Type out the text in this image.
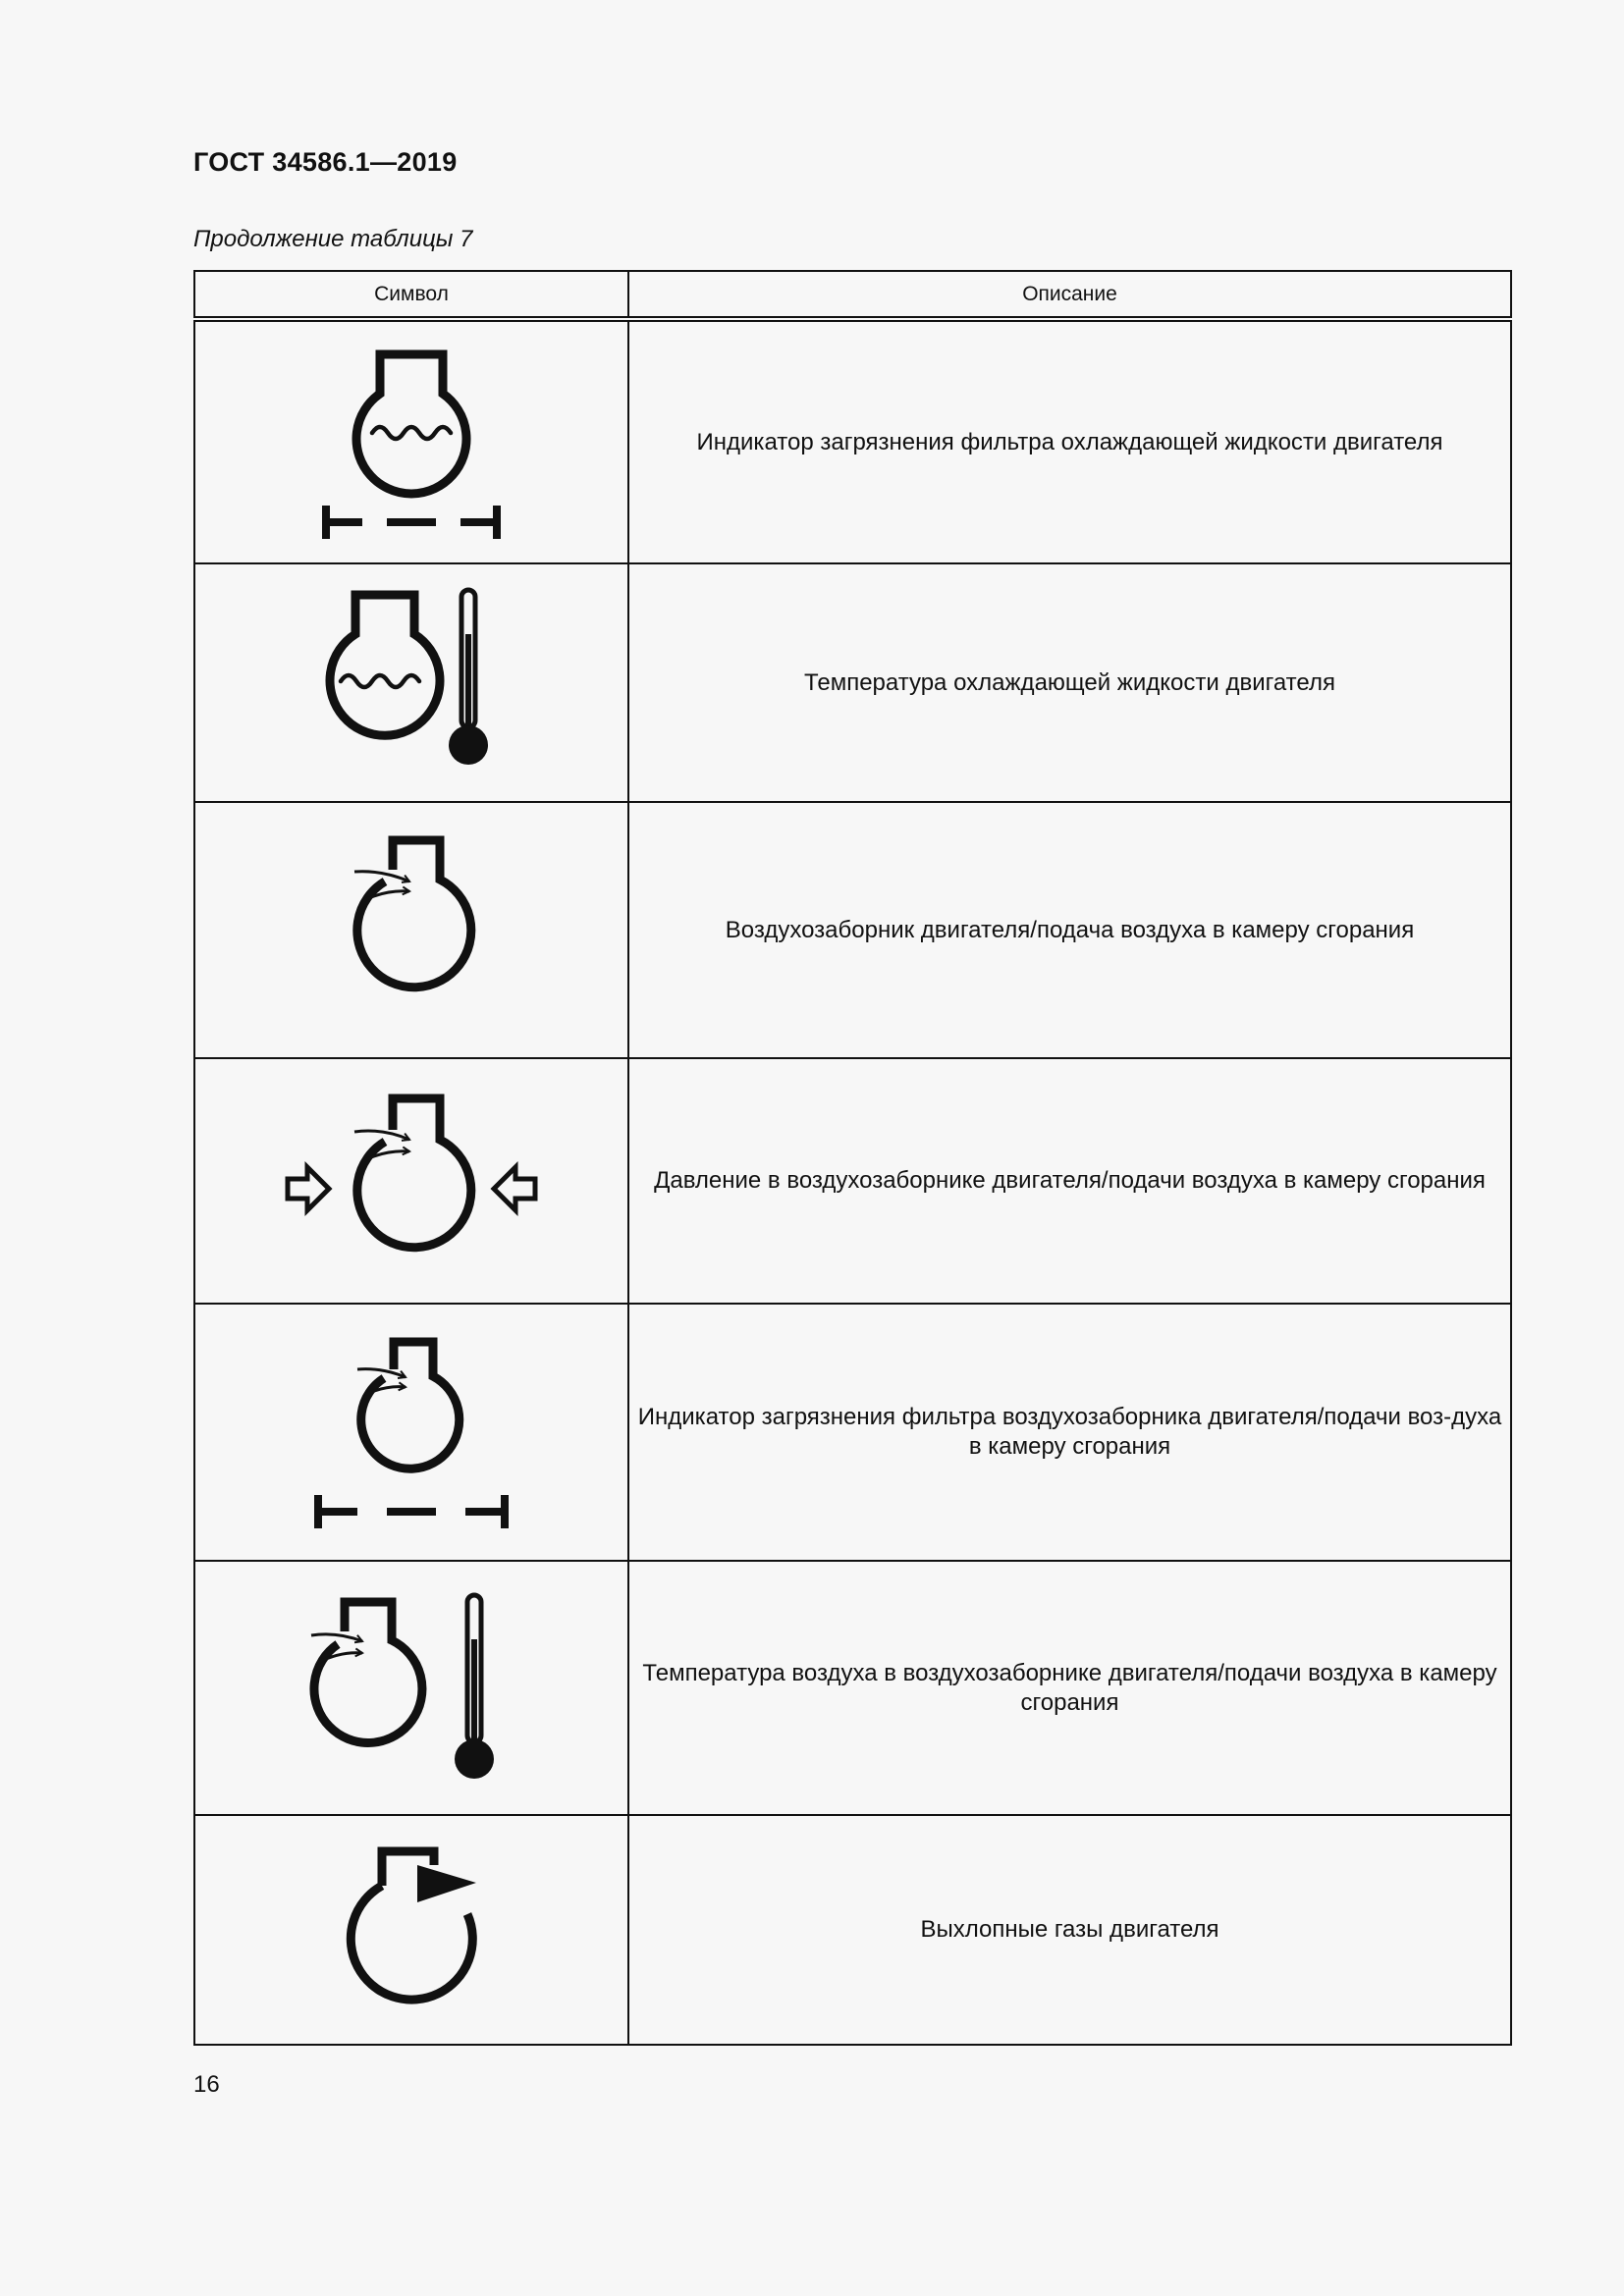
ГОСТ 34586.1—2019
Продолжение таблицы 7
Символ	Описание

	Индикатор загрязнения фильтра охлаждающей жидкости двигателя

	Температура охлаждающей жидкости двигателя

	Воздухозаборник двигателя/подача воздуха в камеру сгорания

	Давление в воздухозаборнике двигателя/подачи воздуха в камеру сгорания

	Индикатор загрязнения фильтра воздухозаборника двигателя/подачи воз-духа в камеру сгорания

	Температура воздуха в воздухозаборнике двигателя/подачи воздуха в камеру сгорания

	Выхлопные газы двигателя
16
